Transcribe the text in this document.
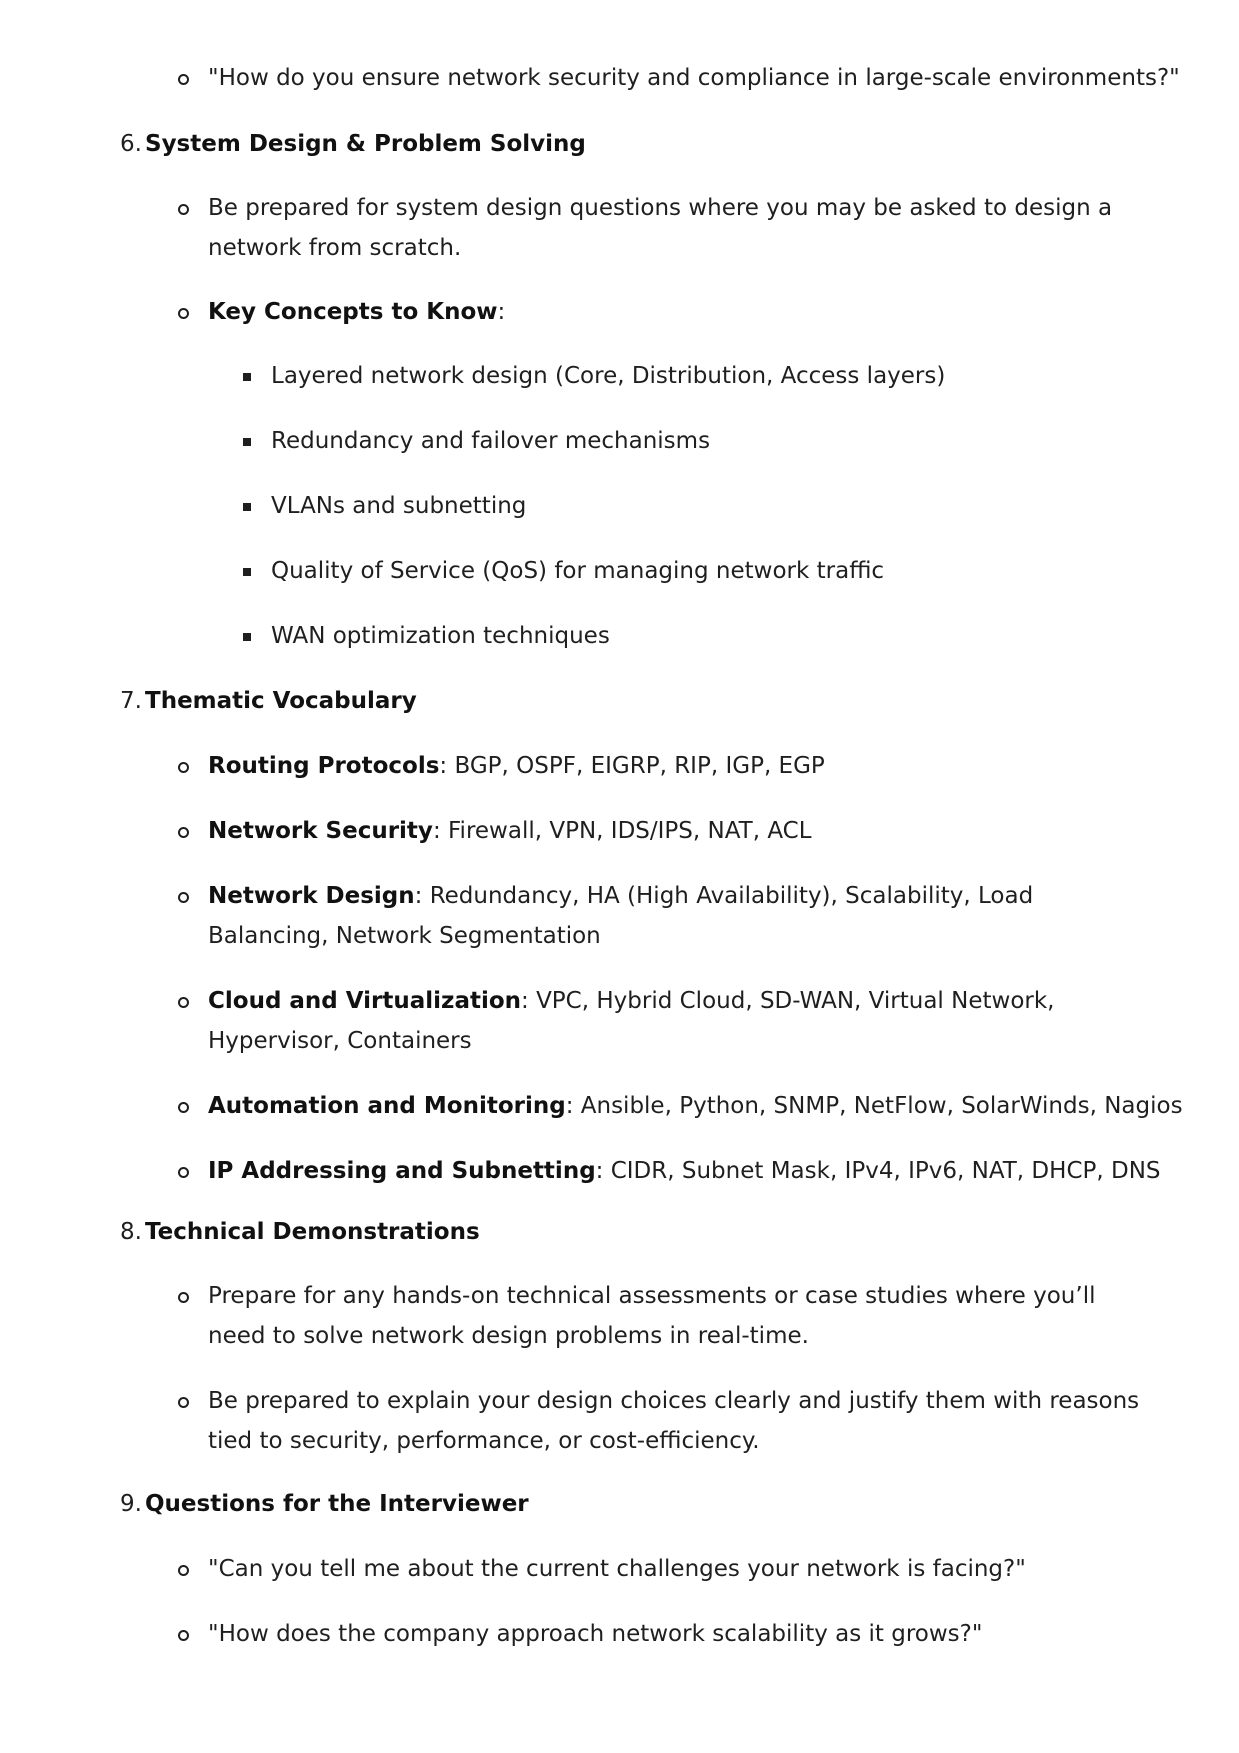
"How do you ensure network security and compliance in large-scale environments?"
6. System Design & Problem Solving
Be prepared for system design questions where you may be asked to design a network from scratch.
Key Concepts to Know:
Layered network design (Core, Distribution, Access layers)
Redundancy and failover mechanisms
VLANs and subnetting
Quality of Service (QoS) for managing network traffic
WAN optimization techniques
7. Thematic Vocabulary
Routing Protocols: BGP, OSPF, EIGRP, RIP, IGP, EGP
Network Security: Firewall, VPN, IDS/IPS, NAT, ACL
Network Design: Redundancy, HA (High Availability), Scalability, Load Balancing, Network Segmentation
Cloud and Virtualization: VPC, Hybrid Cloud, SD-WAN, Virtual Network, Hypervisor, Containers
Automation and Monitoring: Ansible, Python, SNMP, NetFlow, SolarWinds, Nagios
IP Addressing and Subnetting: CIDR, Subnet Mask, IPv4, IPv6, NAT, DHCP, DNS
8. Technical Demonstrations
Prepare for any hands-on technical assessments or case studies where you’ll need to solve network design problems in real-time.
Be prepared to explain your design choices clearly and justify them with reasons tied to security, performance, or cost-efficiency.
9. Questions for the Interviewer
"Can you tell me about the current challenges your network is facing?"
"How does the company approach network scalability as it grows?"
